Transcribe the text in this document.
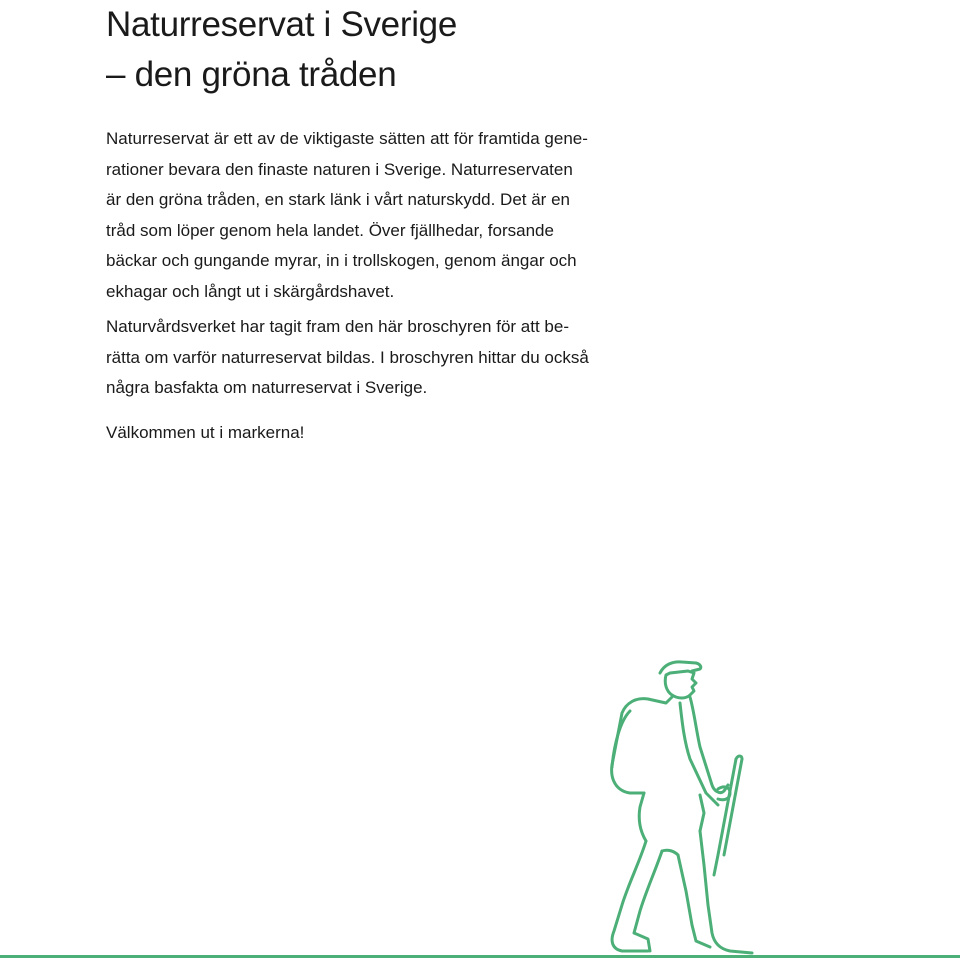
Naturreservat i Sverige
– den gröna tråden

Naturreservat är ett av de viktigaste sätten att för framtida gene-
rationer bevara den finaste naturen i Sverige. Naturreservaten
är den gröna tråden, en stark länk i vårt naturskydd. Det är en
tråd som löper genom hela landet. Över fjällhedar, forsande
bäckar och gungande myrar, in i trollskogen, genom ängar och
ekhagar och långt ut i skärgårdshavet.

Naturvårdsverket har tagit fram den här broschyren för att be-
rätta om varför naturreservat bildas. I broschyren hittar du också
några basfakta om naturreservat i Sverige.

Välkommen ut i markerna!
